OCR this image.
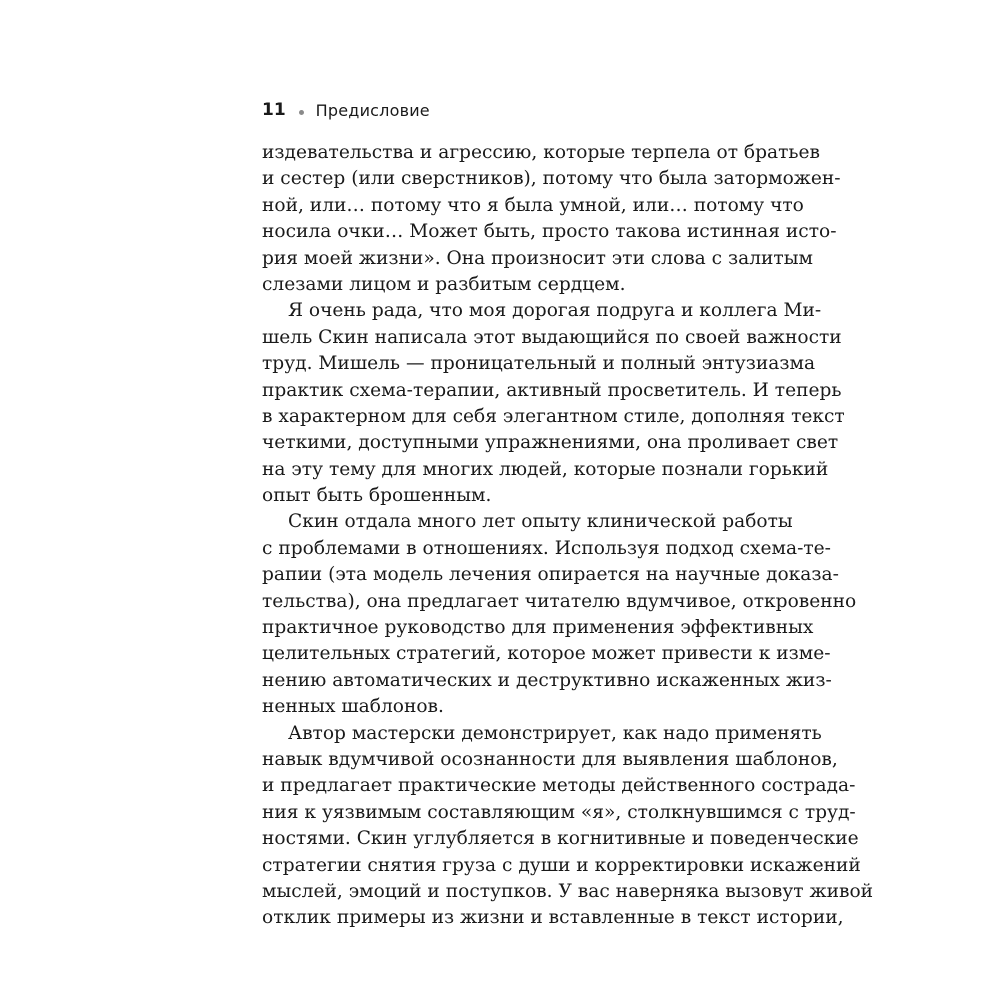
11 Предисловие
издевательства и агрессию, которые терпела от братьев
и сестер (или сверстников), потому что была заторможен-
ной, или… потому что я была умной, или… потому что
носила очки… Может быть, просто такова истинная исто-
рия моей жизни». Она произносит эти слова с залитым
слезами лицом и разбитым сердцем.
Я очень рада, что моя дорогая подруга и коллега Ми-
шель Скин написала этот выдающийся по своей важности
труд. Мишель — проницательный и полный энтузиазма
практик схема-терапии, активный просветитель. И теперь
в характерном для себя элегантном стиле, дополняя текст
четкими, доступными упражнениями, она проливает свет
на эту тему для многих людей, которые познали горький
опыт быть брошенным.
Скин отдала много лет опыту клинической работы
с проблемами в отношениях. Используя подход схема-те-
рапии (эта модель лечения опирается на научные доказа-
тельства), она предлагает читателю вдумчивое, откровенно
практичное руководство для применения эффективных
целительных стратегий, которое может привести к изме-
нению автоматических и деструктивно искаженных жиз-
ненных шаблонов.
Автор мастерски демонстрирует, как надо применять
навык вдумчивой осознанности для выявления шаблонов,
и предлагает практические методы действенного сострада-
ния к уязвимым составляющим «я», столкнувшимся с труд-
ностями. Скин углубляется в когнитивные и поведенческие
стратегии снятия груза с души и корректировки искажений
мыслей, эмоций и поступков. У вас наверняка вызовут живой
отклик примеры из жизни и вставленные в текст истории,
